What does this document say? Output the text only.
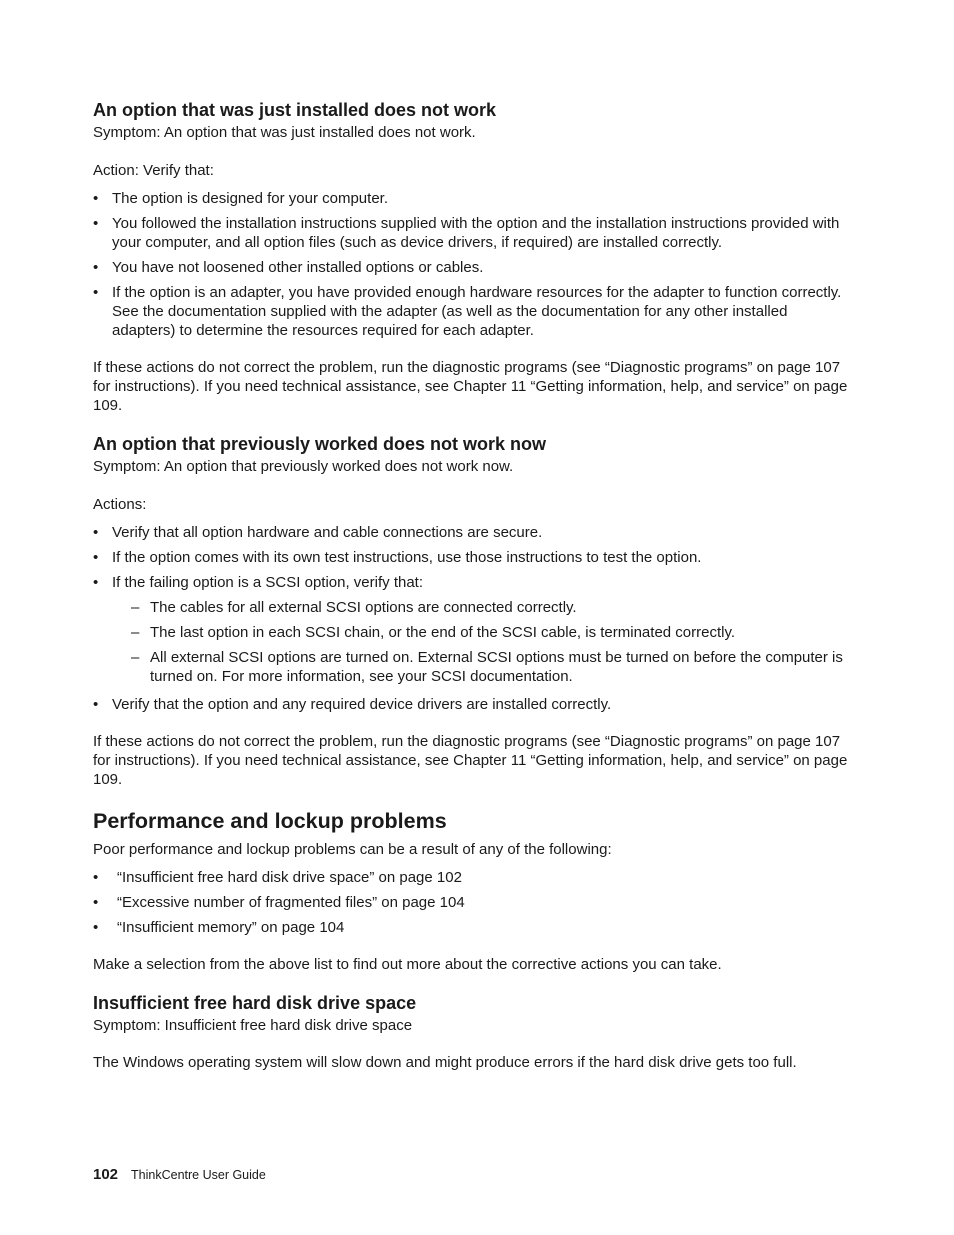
An option that was just installed does not work

Symptom: An option that was just installed does not work.

Action: Verify that:

• The option is designed for your computer.
• You followed the installation instructions supplied with the option and the installation instructions provided with your computer, and all option files (such as device drivers, if required) are installed correctly.
• You have not loosened other installed options or cables.
• If the option is an adapter, you have provided enough hardware resources for the adapter to function correctly. See the documentation supplied with the adapter (as well as the documentation for any other installed adapters) to determine the resources required for each adapter.

If these actions do not correct the problem, run the diagnostic programs (see “Diagnostic programs” on page 107 for instructions). If you need technical assistance, see Chapter 11 “Getting information, help, and service” on page 109.

An option that previously worked does not work now

Symptom: An option that previously worked does not work now.

Actions:

• Verify that all option hardware and cable connections are secure.
• If the option comes with its own test instructions, use those instructions to test the option.
• If the failing option is a SCSI option, verify that:
– The cables for all external SCSI options are connected correctly.
– The last option in each SCSI chain, or the end of the SCSI cable, is terminated correctly.
– All external SCSI options are turned on. External SCSI options must be turned on before the computer is turned on. For more information, see your SCSI documentation.
• Verify that the option and any required device drivers are installed correctly.

If these actions do not correct the problem, run the diagnostic programs (see “Diagnostic programs” on page 107 for instructions). If you need technical assistance, see Chapter 11 “Getting information, help, and service” on page 109.

Performance and lockup problems

Poor performance and lockup problems can be a result of any of the following:

• “Insufficient free hard disk drive space” on page 102
• “Excessive number of fragmented files” on page 104
• “Insufficient memory” on page 104

Make a selection from the above list to find out more about the corrective actions you can take.

Insufficient free hard disk drive space

Symptom: Insufficient free hard disk drive space

The Windows operating system will slow down and might produce errors if the hard disk drive gets too full.

102 ThinkCentre User Guide
